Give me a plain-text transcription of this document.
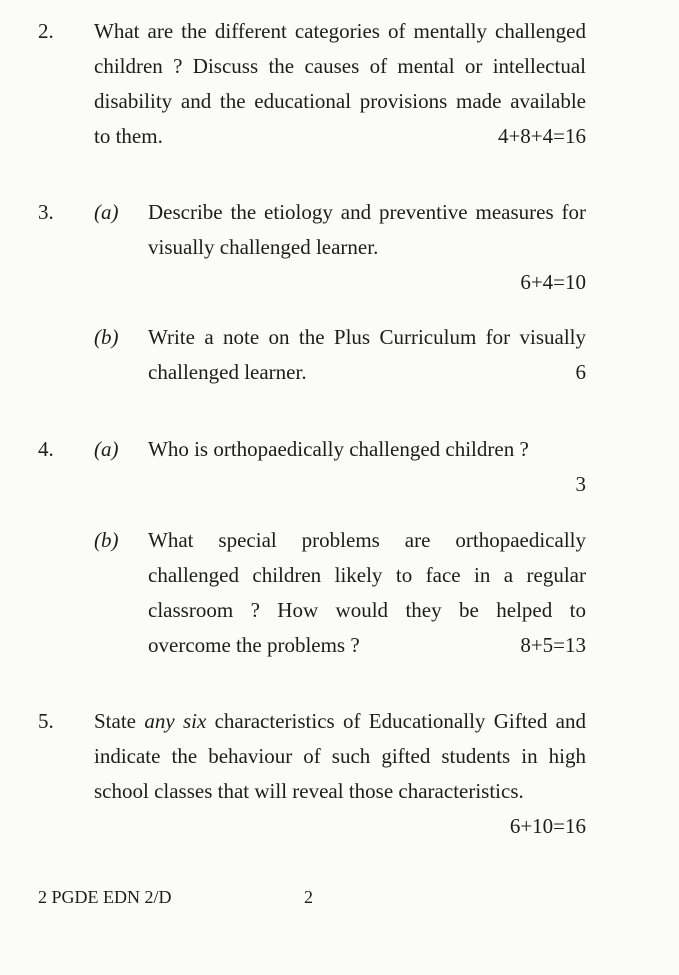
2. What are the different categories of mentally challenged children ? Discuss the causes of mental or intellectual disability and the educational provisions made available to them.	4+8+4=16
3. (a) Describe the etiology and preventive measures for visually challenged learner.
6+4=10
(b) Write a note on the Plus Curriculum for visually challenged learner.	6
4. (a) Who is orthopaedically challenged children ?
3
(b) What special problems are orthopaedically challenged children likely to face in a regular classroom ? How would they be helped to overcome the problems ?	8+5=13
5. State any six characteristics of Educationally Gifted and indicate the behaviour of such gifted students in high school classes that will reveal those characteristics.
6+10=16
2 PGDE EDN 2/D	2
